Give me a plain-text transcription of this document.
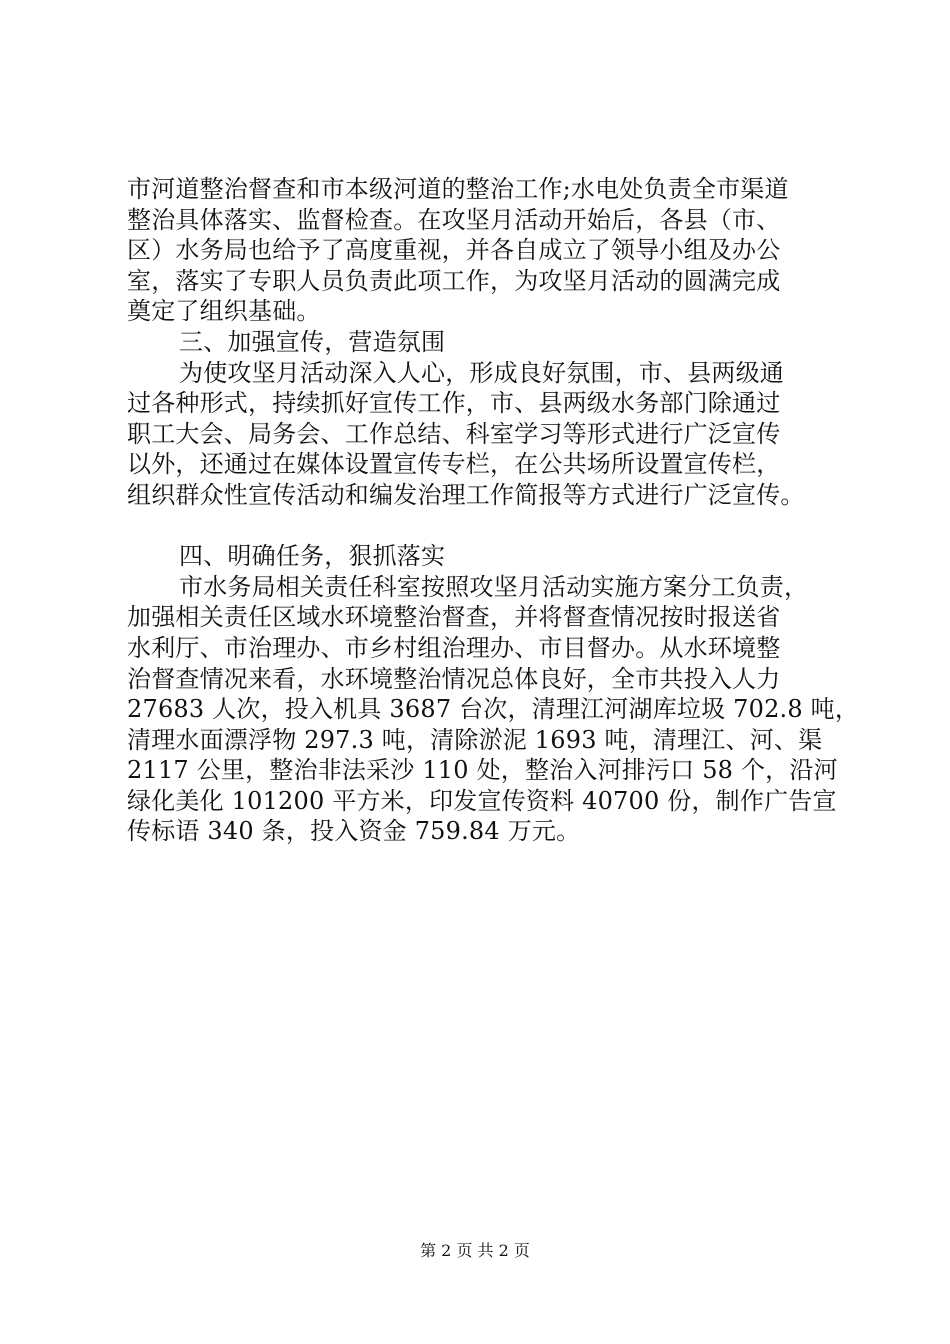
市河道整治督查和市本级河道的整治工作;水电处负责全市渠道
整治具体落实、监督检查。在攻坚月活动开始后，各县（市、
区）水务局也给予了高度重视，并各自成立了领导小组及办公
室，落实了专职人员负责此项工作，为攻坚月活动的圆满完成
奠定了组织基础。
三、加强宣传，营造氛围
为使攻坚月活动深入人心，形成良好氛围，市、县两级通
过各种形式，持续抓好宣传工作，市、县两级水务部门除通过
职工大会、局务会、工作总结、科室学习等形式进行广泛宣传
以外，还通过在媒体设置宣传专栏，在公共场所设置宣传栏，
组织群众性宣传活动和编发治理工作简报等方式进行广泛宣传。
四、明确任务，狠抓落实
市水务局相关责任科室按照攻坚月活动实施方案分工负责，
加强相关责任区域水环境整治督查，并将督查情况按时报送省
水利厅、市治理办、市乡村组治理办、市目督办。从水环境整
治督查情况来看，水环境整治情况总体良好，全市共投入人力
27683 人次，投入机具 3687 台次，清理江河湖库垃圾 702.8 吨，
清理水面漂浮物 297.3 吨，清除淤泥 1693 吨，清理江、河、渠
2117 公里，整治非法采沙 110 处，整治入河排污口 58 个，沿河
绿化美化 101200 平方米，印发宣传资料 40700 份，制作广告宣
传标语 340 条，投入资金 759.84 万元。
第 2 页 共 2 页
